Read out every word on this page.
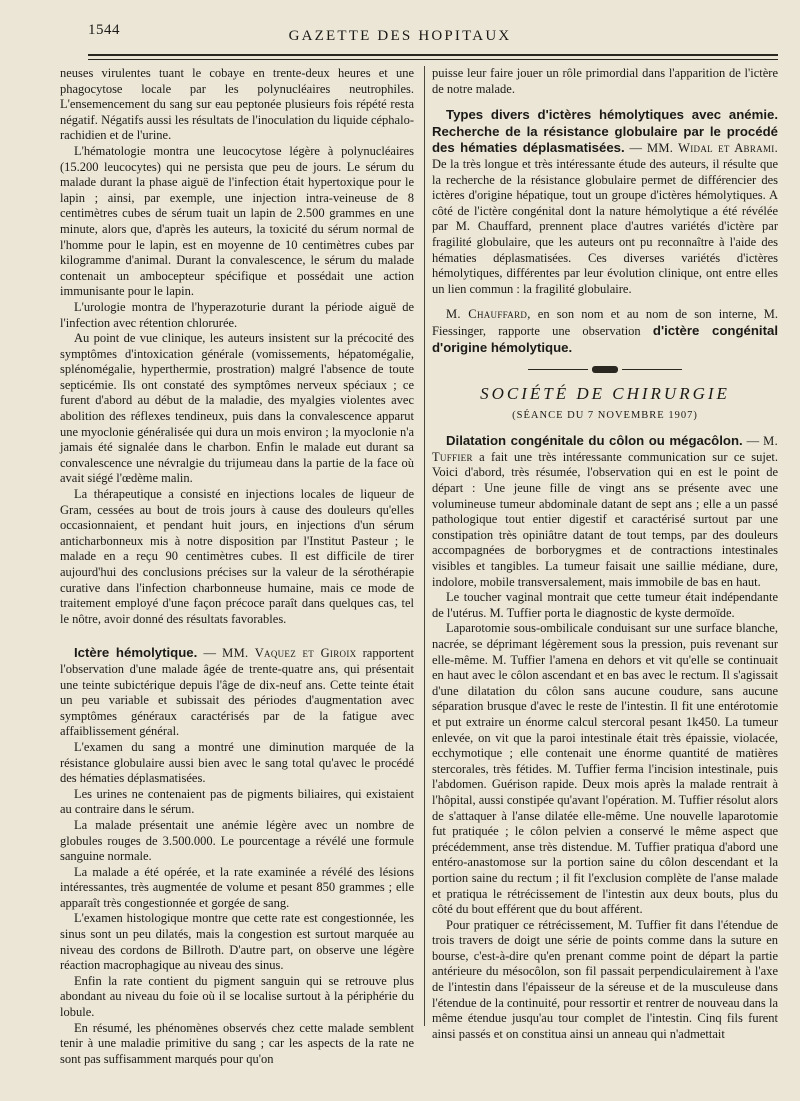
1544	GAZETTE DES HOPITAUX

neuses virulentes tuant le cobaye en trente-deux heures et une phagocytose locale par les polynucléaires neutrophiles. L'ensemencement du sang sur eau peptonée plusieurs fois répété resta négatif. Négatifs aussi les résultats de l'inoculation du liquide céphalo-rachidien et de l'urine.

L'hématologie montra une leucocytose légère à polynucléaires (15.200 leucocytes) qui ne persista que peu de jours. Le sérum du malade durant la phase aiguë de l'infection était hypertoxique pour le lapin ; ainsi, par exemple, une injection intra-veineuse de 8 centimètres cubes de sérum tuait un lapin de 2.500 grammes en une minute, alors que, d'après les auteurs, la toxicité du sérum normal de l'homme pour le lapin, est en moyenne de 10 centimètres cubes par kilogramme d'animal. Durant la convalescence, le sérum du malade contenait un ambocepteur spécifique et possédait une action immunisante pour le lapin.

L'urologie montra de l'hyperazoturie durant la période aiguë de l'infection avec rétention chlorurée.

Au point de vue clinique, les auteurs insistent sur la précocité des symptômes d'intoxication générale (vomissements, hépatomégalie, splénomégalie, hyperthermie, prostration) malgré l'absence de toute septicémie. Ils ont constaté des symptômes nerveux spéciaux ; ce furent d'abord au début de la maladie, des myalgies violentes avec abolition des réflexes tendineux, puis dans la convalescence apparut une myoclonie généralisée qui dura un mois environ ; la myoclonie n'a jamais été signalée dans le charbon. Enfin le malade eut durant sa convalescence une névralgie du trijumeau dans la partie de la face où avait siégé l'œdème malin.

La thérapeutique a consisté en injections locales de liqueur de Gram, cessées au bout de trois jours à cause des douleurs qu'elles occasionnaient, et pendant huit jours, en injections d'un sérum anticharbonneux mis à notre disposition par l'Institut Pasteur ; le malade en a reçu 90 centimètres cubes. Il est difficile de tirer aujourd'hui des conclusions précises sur la valeur de la sérothérapie curative dans l'infection charbonneuse humaine, mais ce mode de traitement employé d'une façon précoce paraît dans quelques cas, tel le nôtre, avoir donné des résultats favorables.

Ictère hémolytique. — MM. Vaquez et Giroix rapportent l'observation d'une malade âgée de trente-quatre ans, qui présentait une teinte subictérique depuis l'âge de dix-neuf ans. Cette teinte était un peu variable et subissait des périodes d'augmentation avec symptômes généraux caractérisés par de la fatigue avec affaiblissement général.

L'examen du sang a montré une diminution marquée de la résistance globulaire aussi bien avec le sang total qu'avec le procédé des hématies déplasmatisées.

Les urines ne contenaient pas de pigments biliaires, qui existaient au contraire dans le sérum.

La malade présentait une anémie légère avec un nombre de globules rouges de 3.500.000. Le pourcentage a révélé une formule sanguine normale.

La malade a été opérée, et la rate examinée a révélé des lésions intéressantes, très augmentée de volume et pesant 850 grammes ; elle apparaît très congestionnée et gorgée de sang.

L'examen histologique montre que cette rate est congestionnée, les sinus sont un peu dilatés, mais la congestion est surtout marquée au niveau des cordons de Billroth. D'autre part, on observe une légère réaction macrophagique au niveau des sinus.

Enfin la rate contient du pigment sanguin qui se retrouve plus abondant au niveau du foie où il se localise surtout à la périphérie du lobule.

En résumé, les phénomènes observés chez cette malade semblent tenir à une maladie primitive du sang ; car les aspects de la rate ne sont pas suffisamment marqués pour qu'on

puisse leur faire jouer un rôle primordial dans l'apparition de l'ictère de notre malade.

Types divers d'ictères hémolytiques avec anémie. Recherche de la résistance globulaire par le procédé des hématies déplasmatisées. — MM. Widal et Abrami. De la très longue et très intéressante étude des auteurs, il résulte que la recherche de la résistance globulaire permet de différencier des ictères d'origine hépatique, tout un groupe d'ictères hémolytiques. A côté de l'ictère congénital dont la nature hémolytique a été révélée par M. Chauffard, prennent place d'autres variétés d'ictère par fragilité globulaire, que les auteurs ont pu reconnaître à l'aide des hématies déplasmatisées. Ces diverses variétés d'ictères hémolytiques, différentes par leur évolution clinique, ont entre elles un lien commun : la fragilité globulaire.

M. Chauffard, en son nom et au nom de son interne, M. Fiessinger, rapporte une observation d'ictère congénital d'origine hémolytique.

SOCIÉTÉ DE CHIRURGIE
(SÉANCE DU 7 NOVEMBRE 1907)

Dilatation congénitale du côlon ou mégacôlon. — M. Tuffier a fait une très intéressante communication sur ce sujet. Voici d'abord, très résumée, l'observation qui en est le point de départ : Une jeune fille de vingt ans se présente avec une volumineuse tumeur abdominale datant de sept ans ; elle a un passé pathologique tout entier digestif et caractérisé surtout par une constipation très opiniâtre datant de tout temps, par des douleurs accompagnées de borborygmes et de contractions intestinales visibles et tangibles. La tumeur faisait une saillie médiane, dure, indolore, mobile transversalement, mais immobile de bas en haut.

Le toucher vaginal montrait que cette tumeur était indépendante de l'utérus. M. Tuffier porta le diagnostic de kyste dermoïde.

Laparotomie sous-ombilicale conduisant sur une surface blanche, nacrée, se déprimant légèrement sous la pression, puis revenant sur elle-même. M. Tuffier l'amena en dehors et vit qu'elle se continuait en haut avec le côlon ascendant et en bas avec le rectum. Il s'agissait d'une dilatation du côlon sans aucune coudure, sans aucune séparation brusque d'avec le reste de l'intestin. Il fit une entérotomie et put extraire un énorme calcul stercoral pesant 1k450. La tumeur enlevée, on vit que la paroi intestinale était très épaissie, violacée, ecchymotique ; elle contenait une énorme quantité de matières stercorales, très fétides. M. Tuffier ferma l'incision intestinale, puis l'abdomen. Guérison rapide. Deux mois après la malade rentrait à l'hôpital, aussi constipée qu'avant l'opération. M. Tuffier résolut alors de s'attaquer à l'anse dilatée elle-même. Une nouvelle laparotomie fut pratiquée ; le côlon pelvien a conservé le même aspect que précédemment, anse très distendue. M. Tuffier pratiqua d'abord une entéro-anastomose sur la portion saine du côlon descendant et la portion saine du rectum ; il fit l'exclusion complète de l'anse malade et pratiqua le rétrécissement de l'intestin aux deux bouts, plus du côté du bout efférent que du bout afférent.

Pour pratiquer ce rétrécissement, M. Tuffier fit dans l'étendue de trois travers de doigt une série de points comme dans la suture en bourse, c'est-à-dire qu'en prenant comme point de départ la partie antérieure du mésocôlon, son fil passait perpendiculairement à l'axe de l'intestin dans l'épaisseur de la séreuse et de la musculeuse dans l'étendue de la continuité, pour ressortir et rentrer de nouveau dans la même étendue jusqu'au tour complet de l'intestin. Cinq fils furent ainsi passés et on constitua ainsi un anneau qui n'admettait
